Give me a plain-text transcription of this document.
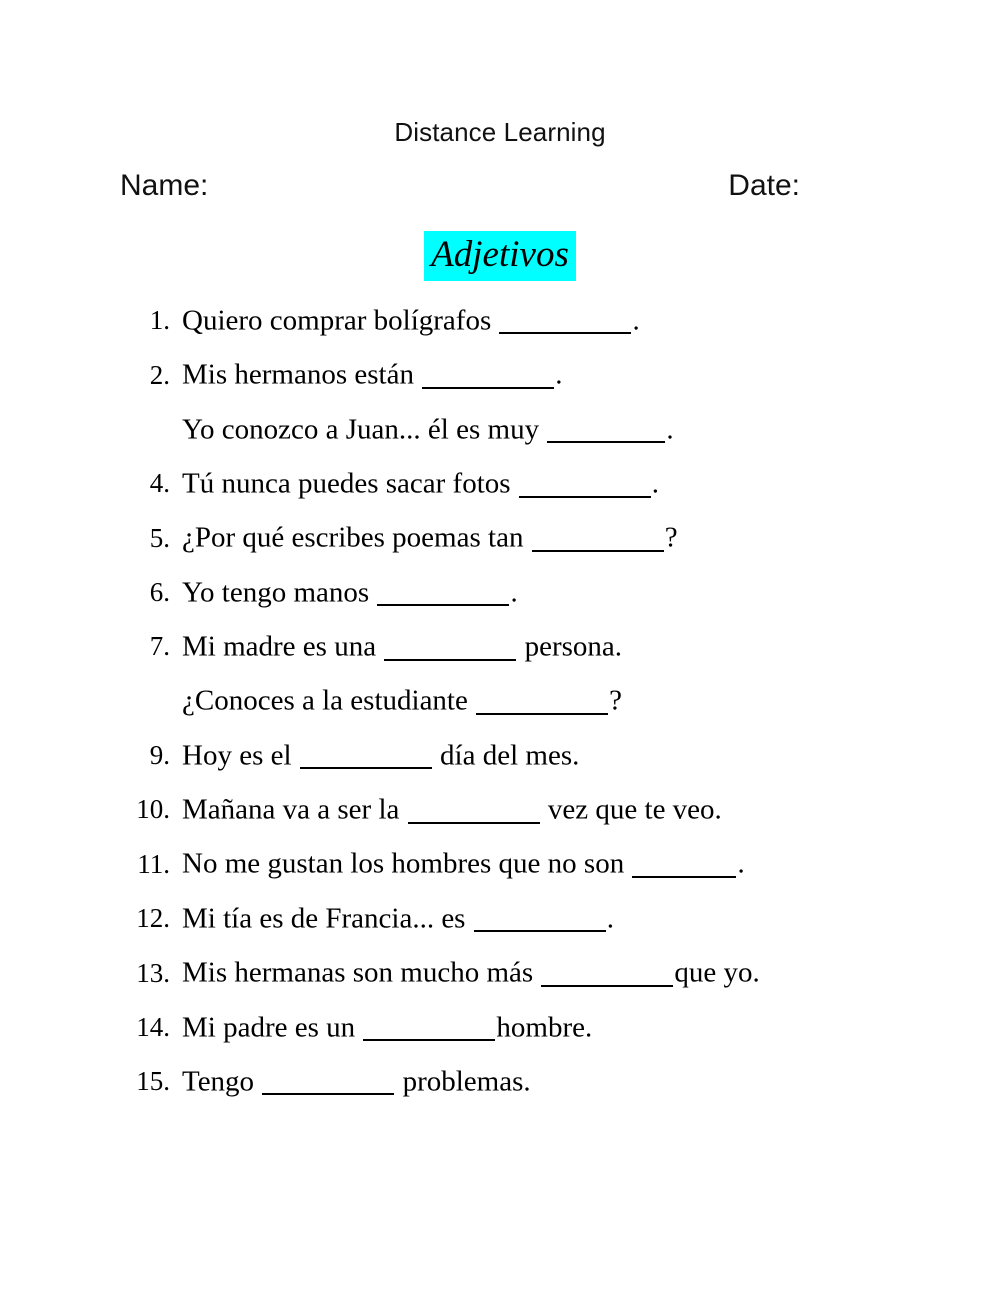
Distance Learning
Name:	Date:
Adjetivos
1. Quiero comprar bolígrafos	.
2. Mis hermanos están	.
Yo conozco a Juan... él es muy	.
4. Tú nunca puedes sacar fotos	.
5. ¿Por qué escribes poemas tan	?
6. Yo tengo manos	.
7. Mi madre es una	persona.
¿Conoces a la estudiante	?
9. Hoy es el	día del mes.
10. Mañana va a ser la	vez que te veo.
11. No me gustan los hombres que no son	.
12. Mi tía es de Francia... es	.
13. Mis hermanas son mucho más	que yo.
14. Mi padre es un	hombre.
15. Tengo	problemas.
